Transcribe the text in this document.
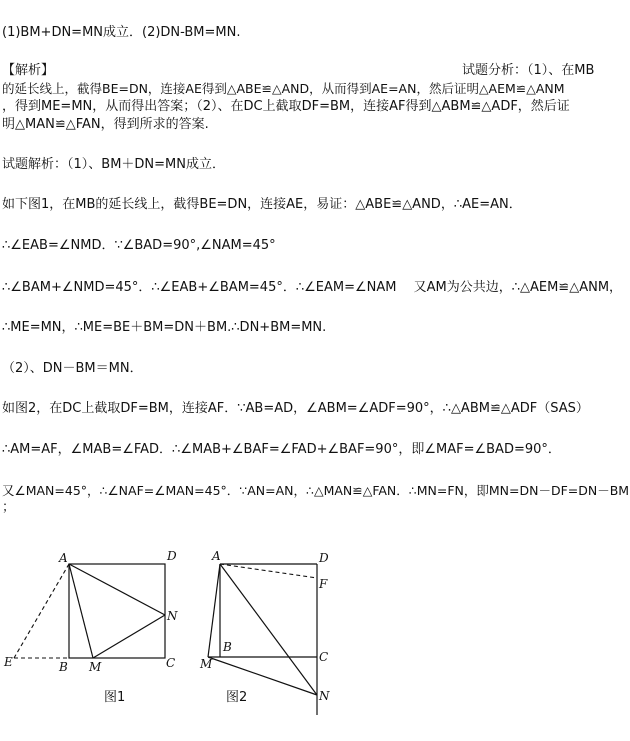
(1)BM+DN=MN成立．(2)DN-BM=MN.
【解析】	试题分析：（1）、在MB
的延长线上，截得BE=DN，连接AE得到△ABE≌△AND，从而得到AE=AN，然后证明△AEM≌△ANM
，得到ME=MN，从而得出答案；（2）、在DC上截取DF=BM，连接AF得到△ABM≌△ADF，然后证
明△MAN≌△FAN，得到所求的答案.
试题解析：（1）、BM＋DN=MN成立．
如下图1，在MB的延长线上，截得BE=DN，连接AE，易证：△ABE≌△AND，∴AE=AN．
∴∠EAB=∠NMD．∵∠BAD=90°,∠NAM=45°
∴∠BAM+∠NMD=45°．∴∠EAB+∠BAM=45°．∴∠EAM=∠NAM　 又AM为公共边，∴△AEM≌△ANM，
∴ME=MN，∴ME=BE＋BM=DN＋BM.∴DN+BM=MN.
（2）、DN－BM＝MN．
如图2，在DC上截取DF=BM，连接AF．∵AB=AD，∠ABM=∠ADF=90°，∴△ABM≌△ADF（SAS）
∴AM=AF，∠MAB=∠FAD．∴∠MAB+∠BAF=∠FAD+∠BAF=90°，即∠MAF=∠BAD=90°．
又∠MAN=45°，∴∠NAF=∠MAN=45°．∵AN=AN，∴△MAN≌△FAN．∴MN=FN，即MN=DN－DF=DN－BM
；
A	D
N
E	B M	C
图1
A	D
F
B
C
M
N
图2
